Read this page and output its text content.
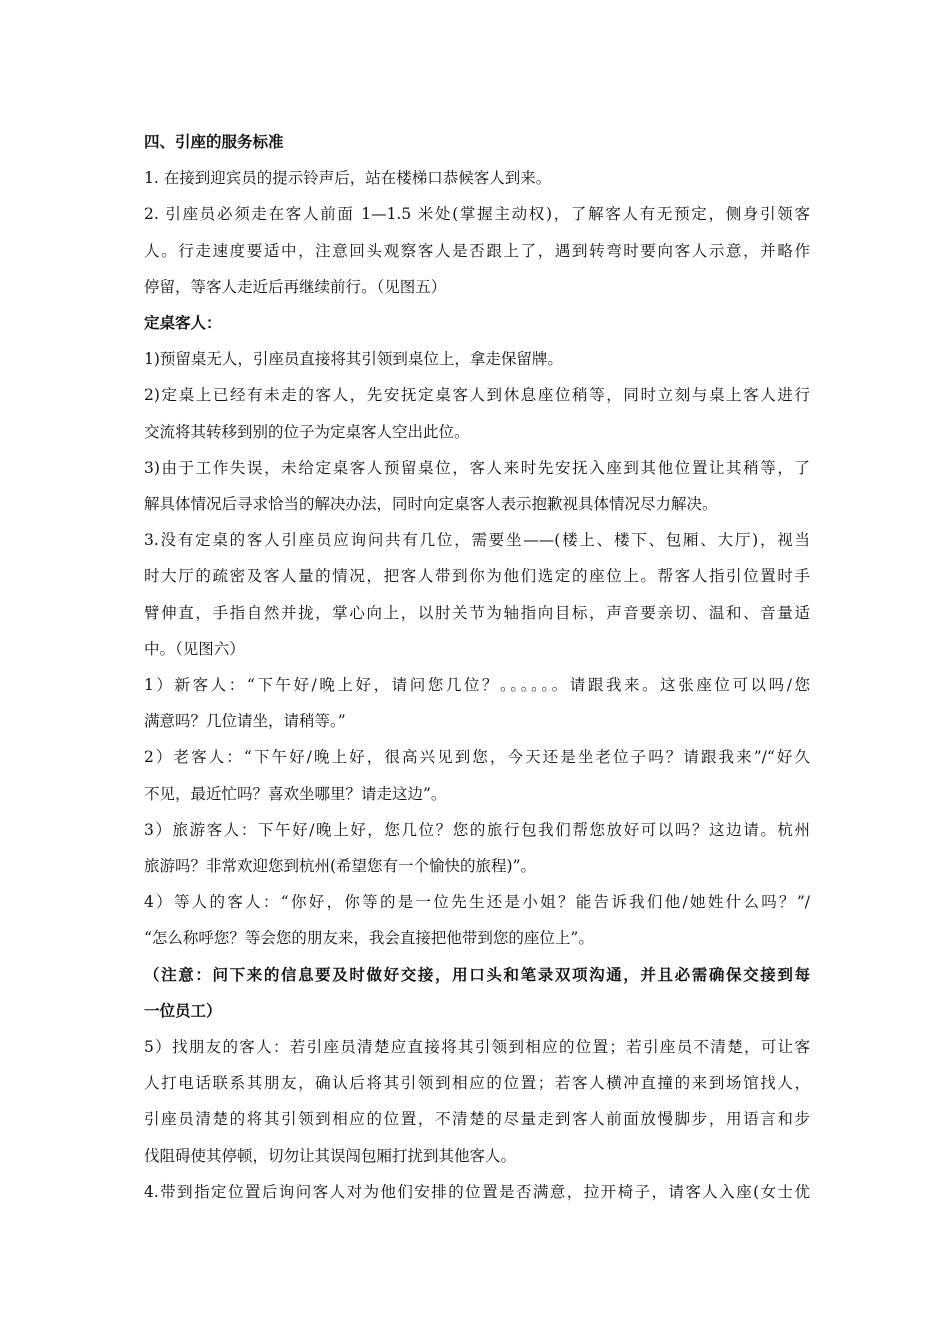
四、引座的服务标准
1. 在接到迎宾员的提示铃声后，站在楼梯口恭候客人到来。
2. 引座员必须走在客人前面 1—1.5 米处(掌握主动权)，了解客人有无预定，侧身引领客
人。行走速度要适中，注意回头观察客人是否跟上了，遇到转弯时要向客人示意，并略作
停留，等客人走近后再继续前行。（见图五）
定桌客人：
1)预留桌无人，引座员直接将其引领到桌位上，拿走保留牌。
2)定桌上已经有未走的客人，先安抚定桌客人到休息座位稍等，同时立刻与桌上客人进行
交流将其转移到别的位子为定桌客人空出此位。
3)由于工作失误，未给定桌客人预留桌位，客人来时先安抚入座到其他位置让其稍等，了
解具体情况后寻求恰当的解决办法，同时向定桌客人表示抱歉视具体情况尽力解决。
3.没有定桌的客人引座员应询问共有几位，需要坐——(楼上、楼下、包厢、大厅)，视当
时大厅的疏密及客人量的情况，把客人带到你为他们选定的座位上。帮客人指引位置时手
臂伸直，手指自然并拢，掌心向上，以肘关节为轴指向目标，声音要亲切、温和、音量适
中。（见图六）
1）新客人：“下午好/晚上好，请问您几位？。。。。。。请跟我来。这张座位可以吗/您
满意吗？几位请坐，请稍等。”
2）老客人：“下午好/晚上好，很高兴见到您，今天还是坐老位子吗？请跟我来”/“好久
不见，最近忙吗？喜欢坐哪里？请走这边”。
3）旅游客人：下午好/晚上好，您几位？您的旅行包我们帮您放好可以吗？这边请。杭州
旅游吗？非常欢迎您到杭州(希望您有一个愉快的旅程)”。
4）等人的客人：“你好，你等的是一位先生还是小姐？能告诉我们他/她姓什么吗？”/
“怎么称呼您？等会您的朋友来，我会直接把他带到您的座位上”。
（注意：问下来的信息要及时做好交接，用口头和笔录双项沟通，并且必需确保交接到每
一位员工）
5）找朋友的客人：若引座员清楚应直接将其引领到相应的位置；若引座员不清楚，可让客
人打电话联系其朋友，确认后将其引领到相应的位置；若客人横冲直撞的来到场馆找人，
引座员清楚的将其引领到相应的位置，不清楚的尽量走到客人前面放慢脚步，用语言和步
伐阻碍使其停顿，切勿让其误闯包厢打扰到其他客人。
4.带到指定位置后询问客人对为他们安排的位置是否满意，拉开椅子，请客人入座(女士优
